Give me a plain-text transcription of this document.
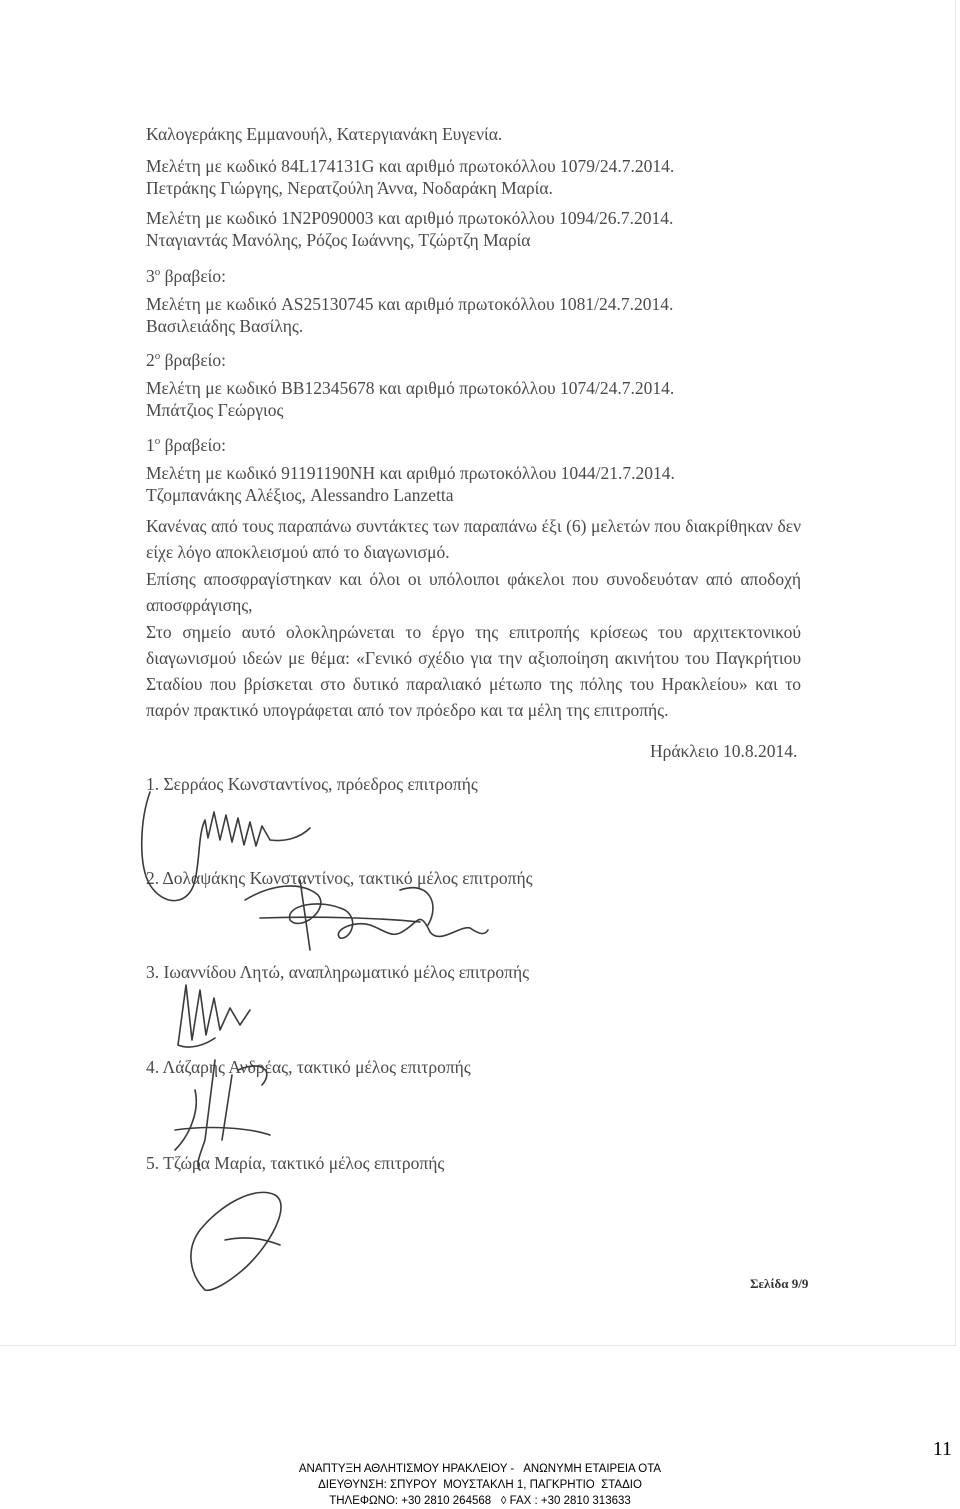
Καλογεράκης Εμμανουήλ, Κατεργιανάκη Ευγενία.
Μελέτη με κωδικό 84L174131G και αριθμό πρωτοκόλλου 1079/24.7.2014.
Πετράκης Γιώργης, Νερατζούλη Άννα, Νοδαράκη Μαρία.
Μελέτη με κωδικό 1N2P090003 και αριθμό πρωτοκόλλου 1094/26.7.2014.
Νταγιαντάς Μανόλης, Ρόζος Ιωάννης, Τζώρτζη Μαρία
$3^o$ βραβείο:
Μελέτη με κωδικό AS25130745 και αριθμό πρωτοκόλλου 1081/24.7.2014.
Βασιλειάδης Βασίλης.
$2^o$ βραβείο:
Μελέτη με κωδικό BB12345678 και αριθμό πρωτοκόλλου 1074/24.7.2014.
Μπάτζιος Γεώργιος
$1^o$ βραβείο:
Μελέτη με κωδικό 91191190NH και αριθμό πρωτοκόλλου 1044/21.7.2014.
Τζομπανάκης Αλέξιος, Alessandro Lanzetta
Κανένας από τους παραπάνω συντάκτες των παραπάνω έξι (6) μελετών που διακρίθηκαν δεν είχε λόγο αποκλεισμού από το διαγωνισμό.
Επίσης αποσφραγίστηκαν και όλοι οι υπόλοιποι φάκελοι που συνοδευόταν από αποδοχή αποσφράγισης,
Στο σημείο αυτό ολοκληρώνεται το έργο της επιτροπής κρίσεως του αρχιτεκτονικού διαγωνισμού ιδεών με θέμα: «Γενικό σχέδιο για την αξιοποίηση ακινήτου του Παγκρήτιου Σταδίου που βρίσκεται στο δυτικό παραλιακό μέτωπο της πόλης του Ηρακλείου» και το παρόν πρακτικό υπογράφεται από τον πρόεδρο και τα μέλη της επιτροπής.
Ηράκλειο 10.8.2014.
1. Σερράος Κωνσταντίνος, πρόεδρος επιτροπής
2. Δολαψάκης Κωνσταντίνος, τακτικό μέλος επιτροπής
3. Ιωαννίδου Λητώ, αναπληρωματικό μέλος επιτροπής
4. Λάζαρης Ανδρέας, τακτικό μέλος επιτροπής
5. Τζώρα Μαρία, τακτικό μέλος επιτροπής
Σελίδα 9/9
11
ΑΝΑΠΤΥΞΗ ΑΘΛΗΤΙΣΜΟΥ ΗΡΑΚΛΕΙΟΥ -   ΑΝΩΝΥΜΗ ΕΤΑΙΡΕΙΑ ΟΤΑ
ΔΙΕΥΘΥΝΣΗ: ΣΠΥΡΟΥ  ΜΟΥΣΤΑΚΛΗ 1, ΠΑΓΚΡΗΤΙΟ  ΣΤΑΔΙΟ
ΤΗΛΕΦΩΝΟ: +30 2810 264568   ◊ FAX : +30 2810 313633
